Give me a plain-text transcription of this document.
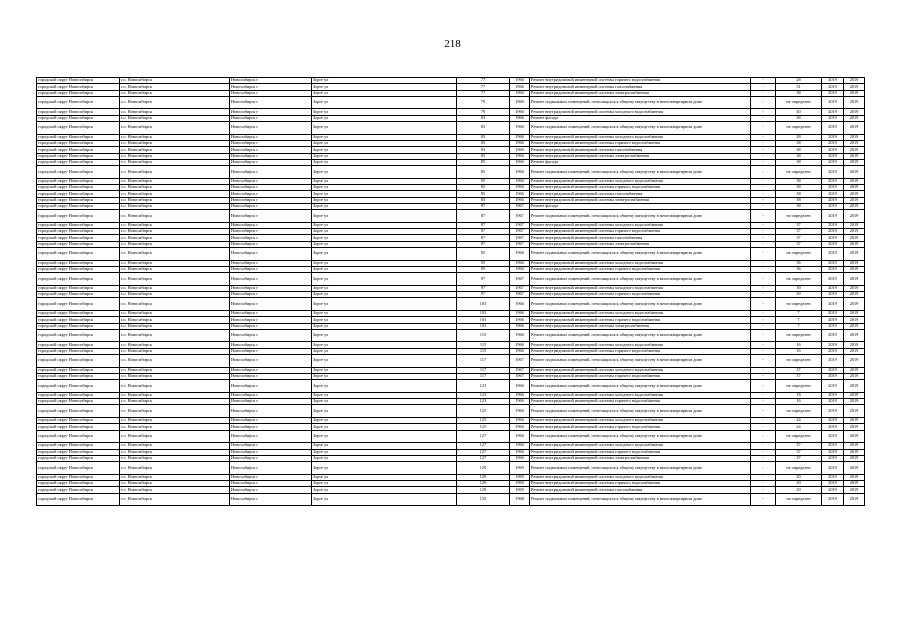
218
городской округ Новосибирск	г.о. Новосибирск	Новосибирск г	Зорге ул	77	1966	Ремонт внутридомовой инженерной системы горячего водоснабжения	-	28	2019	2019
городской округ Новосибирск	г.о. Новосибирск	Новосибирск г	Зорге ул	77	1966	Ремонт внутридомовой инженерной системы газоснабжения	-	31	2019	2019
городской округ Новосибирск	г.о. Новосибирск	Новосибирск г	Зорге ул	77	1966	Ремонт внутридомовой инженерной системы электроснабжения	-	38	2019	2019
городской округ Новосибирск	г.о. Новосибирск	Новосибирск г	Зорге ул	79	1966	Ремонт подвальных помещений, относящихся к общему имуществу в многоквартирном доме	-	не определен	2019	2019
городской округ Новосибирск	г.о. Новосибирск	Новосибирск г	Зорге ул	79	1966	Ремонт внутридомовой инженерной системы холодного водоснабжения	-	40	2019	2019
городской округ Новосибирск	г.о. Новосибирск	Новосибирск г	Зорге ул	83	1966	Ремонт фасада	-	38	2019	2019
городской округ Новосибирск	г.о. Новосибирск	Новосибирск г	Зорге ул	83	1966	Ремонт подвальных помещений, относящихся к общему имуществу в многоквартирном доме	-	не определен	2019	2019
городской округ Новосибирск	г.о. Новосибирск	Новосибирск г	Зорге ул	83	1966	Ремонт внутридомовой инженерной системы холодного водоснабжения	-	28	2019	2019
городской округ Новосибирск	г.о. Новосибирск	Новосибирск г	Зорге ул	83	1966	Ремонт внутридомовой инженерной системы горячего водоснабжения	-	38	2019	2019
городской округ Новосибирск	г.о. Новосибирск	Новосибирск г	Зорге ул	83	1966	Ремонт внутридомовой инженерной системы газоснабжения	-	38	2019	2019
городской округ Новосибирск	г.о. Новосибирск	Новосибирск г	Зорге ул	83	1966	Ремонт внутридомовой инженерной системы электроснабжения	-	38	2019	2019
городской округ Новосибирск	г.о. Новосибирск	Новосибирск г	Зорге ул	85	1966	Ремонт фасада	-	38	2019	2019
городской округ Новосибирск	г.о. Новосибирск	Новосибирск г	Зорге ул	85	1966	Ремонт подвальных помещений, относящихся к общему имуществу в многоквартирном доме	-	не определен	2019	2019
городской округ Новосибирск	г.о. Новосибирск	Новосибирск г	Зорге ул	85	1966	Ремонт внутридомовой инженерной системы холодного водоснабжения	-	38	2019	2019
городской округ Новосибирск	г.о. Новосибирск	Новосибирск г	Зорге ул	85	1966	Ремонт внутридомовой инженерной системы горячего водоснабжения	-	38	2019	2019
городской округ Новосибирск	г.о. Новосибирск	Новосибирск г	Зорге ул	85	1966	Ремонт внутридомовой инженерной системы газоснабжения	-	38	2019	2019
городской округ Новосибирск	г.о. Новосибирск	Новосибирск г	Зорге ул	85	1966	Ремонт внутридомовой инженерной системы электроснабжения	-	38	2019	2019
городской округ Новосибирск	г.о. Новосибирск	Новосибирск г	Зорге ул	87	1967	Ремонт фасада	-	38	2019	2019
городской округ Новосибирск	г.о. Новосибирск	Новосибирск г	Зорге ул	87	1967	Ремонт подвальных помещений, относящихся к общему имуществу в многоквартирном доме	-	не определен	2019	2019
городской округ Новосибирск	г.о. Новосибирск	Новосибирск г	Зорге ул	87	1967	Ремонт внутридомовой инженерной системы холодного водоснабжения	-	37	2019	2019
городской округ Новосибирск	г.о. Новосибирск	Новосибирск г	Зорге ул	87	1967	Ремонт внутридомовой инженерной системы горячего водоснабжения	-	37	2019	2019
городской округ Новосибирск	г.о. Новосибирск	Новосибирск г	Зорге ул	87	1967	Ремонт внутридомовой инженерной системы газоснабжения	-	37	2019	2019
городской округ Новосибирск	г.о. Новосибирск	Новосибирск г	Зорге ул	87	1967	Ремонт внутридомовой инженерной системы электроснабжения	-	37	2019	2019
городской округ Новосибирск	г.о. Новосибирск	Новосибирск г	Зорге ул	95	1966	Ремонт подвальных помещений, относящихся к общему имуществу в многоквартирном доме	-	не определен	2019	2019
городской округ Новосибирск	г.о. Новосибирск	Новосибирск г	Зорге ул	95	1966	Ремонт внутридомовой инженерной системы холодного водоснабжения	-	36	2019	2019
городской округ Новосибирск	г.о. Новосибирск	Новосибирск г	Зорге ул	95	1966	Ремонт внутридомовой инженерной системы горячего водоснабжения	-	36	2019	2019
городской округ Новосибирск	г.о. Новосибирск	Новосибирск г	Зорге ул	97	1967	Ремонт подвальных помещений, относящихся к общему имуществу в многоквартирном доме	-	не определен	2019	2019
городской округ Новосибирск	г.о. Новосибирск	Новосибирск г	Зорге ул	97	1967	Ремонт внутридомовой инженерной системы холодного водоснабжения	-	39	2019	2019
городской округ Новосибирск	г.о. Новосибирск	Новосибирск г	Зорге ул	97	1967	Ремонт внутридомовой инженерной системы горячего водоснабжения	-	39	2019	2019
городской округ Новосибирск	г.о. Новосибирск	Новосибирск г	Зорге ул	103	1966	Ремонт подвальных помещений, относящихся к общему имуществу в многоквартирном доме	-	не определен	2019	2019
городской округ Новосибирск	г.о. Новосибирск	Новосибирск г	Зорге ул	103	1966	Ремонт внутридомовой инженерной системы холодного водоснабжения	-	7	2019	2019
городской округ Новосибирск	г.о. Новосибирск	Новосибирск г	Зорге ул	103	1966	Ремонт внутридомовой инженерной системы горячего водоснабжения	-	7	2019	2019
городской округ Новосибирск	г.о. Новосибирск	Новосибирск г	Зорге ул	103	1966	Ремонт внутридомовой инженерной системы электроснабжения	-	7	2019	2019
городской округ Новосибирск	г.о. Новосибирск	Новосибирск г	Зорге ул	115	1966	Ремонт подвальных помещений, относящихся к общему имуществу в многоквартирном доме	-	не определен	2019	2019
городской округ Новосибирск	г.о. Новосибирск	Новосибирск г	Зорге ул	115	1966	Ремонт внутридомовой инженерной системы холодного водоснабжения	-	16	2019	2019
городской округ Новосибирск	г.о. Новосибирск	Новосибирск г	Зорге ул	115	1966	Ремонт внутридомовой инженерной системы горячего водоснабжения	-	16	2019	2019
городской округ Новосибирск	г.о. Новосибирск	Новосибирск г	Зорге ул	117	1967	Ремонт подвальных помещений, относящихся к общему имуществу в многоквартирном доме	-	не определен	2019	2019
городской округ Новосибирск	г.о. Новосибирск	Новосибирск г	Зорге ул	117	1967	Ремонт внутридомовой инженерной системы холодного водоснабжения	-	37	2019	2019
городской округ Новосибирск	г.о. Новосибирск	Новосибирск г	Зорге ул	117	1967	Ремонт внутридомовой инженерной системы горячего водоснабжения	-	37	2019	2019
городской округ Новосибирск	г.о. Новосибирск	Новосибирск г	Зорге ул	123	1966	Ремонт подвальных помещений, относящихся к общему имуществу в многоквартирном доме	-	не определен	2019	2019
городской округ Новосибирск	г.о. Новосибирск	Новосибирск г	Зорге ул	123	1966	Ремонт внутридомовой инженерной системы холодного водоснабжения	-	16	2019	2019
городской округ Новосибирск	г.о. Новосибирск	Новосибирск г	Зорге ул	123	1966	Ремонт внутридомовой инженерной системы горячего водоснабжения	-	16	2019	2019
городской округ Новосибирск	г.о. Новосибирск	Новосибирск г	Зорге ул	125	1966	Ремонт подвальных помещений, относящихся к общему имуществу в многоквартирном доме	-	не определен	2019	2019
городской округ Новосибирск	г.о. Новосибирск	Новосибирск г	Зорге ул	125	1966	Ремонт внутридомовой инженерной системы холодного водоснабжения	-	24	2019	2019
городской округ Новосибирск	г.о. Новосибирск	Новосибирск г	Зорге ул	125	1966	Ремонт внутридомовой инженерной системы горячего водоснабжения	-	24	2019	2019
городской округ Новосибирск	г.о. Новосибирск	Новосибирск г	Зорге ул	127	1966	Ремонт подвальных помещений, относящихся к общему имуществу в многоквартирном доме	-	не определен	2019	2019
городской округ Новосибирск	г.о. Новосибирск	Новосибирск г	Зорге ул	127	1966	Ремонт внутридомовой инженерной системы холодного водоснабжения	-	37	2019	2019
городской округ Новосибирск	г.о. Новосибирск	Новосибирск г	Зорге ул	127	1966	Ремонт внутридомовой инженерной системы горячего водоснабжения	-	37	2019	2019
городской округ Новосибирск	г.о. Новосибирск	Новосибирск г	Зорге ул	127	1966	Ремонт внутридомовой инженерной системы электроснабжения	-	37	2019	2019
городской округ Новосибирск	г.о. Новосибирск	Новосибирск г	Зорге ул	129	1969	Ремонт подвальных помещений, относящихся к общему имуществу в многоквартирном доме	-	не определен	2019	2019
городской округ Новосибирск	г.о. Новосибирск	Новосибирск г	Зорге ул	129	1969	Ремонт внутридомовой инженерной системы холодного водоснабжения	-	20	2019	2019
городской округ Новосибирск	г.о. Новосибирск	Новосибирск г	Зорге ул	129	1969	Ремонт внутридомовой инженерной системы горячего водоснабжения	-	20	2019	2019
городской округ Новосибирск	г.о. Новосибирск	Новосибирск г	Зорге ул	129	1969	Ремонт внутридомовой инженерной системы газоснабжения	-	20	2019	2019
городской округ Новосибирск	г.о. Новосибирск	Новосибирск г	Зорге ул	135	1968	Ремонт подвальных помещений, относящихся к общему имуществу в многоквартирном доме	-	не определен	2019	2019
